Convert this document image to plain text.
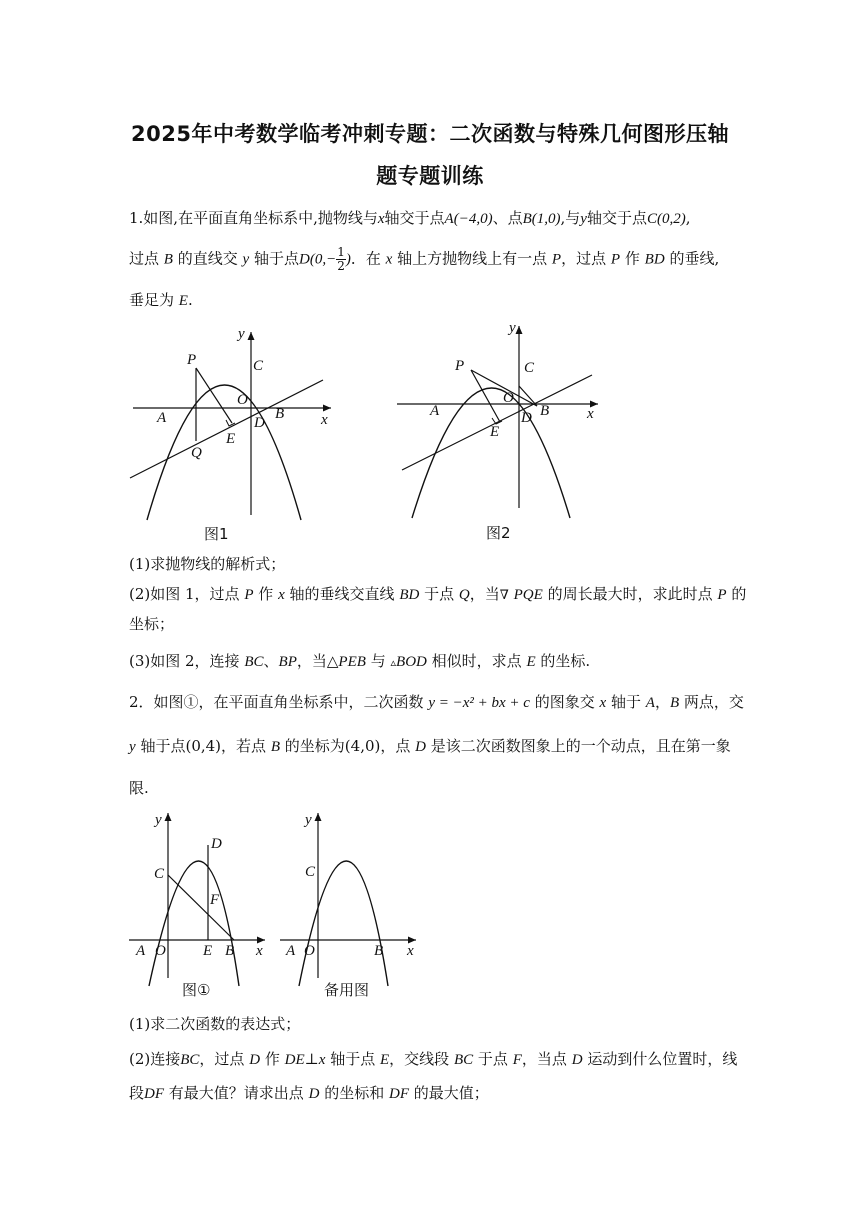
2025年中考数学临考冲刺专题：二次函数与特殊几何图形压轴
题专题训练
1.如图,在平面直角坐标系中,抛物线与x轴交于点A(−4,0)、点B(1,0),与y轴交于点C(0,2),
过点 B 的直线交 y 轴于点$D(0,- \frac{1}{2}$ )．在 x 轴上方抛物线上有一点 P，过点 P 作 BD 的垂线,
垂足为 E.
P	C
O
A	B
D
E
Q
x
y
图1
P	C
O
A	B
D
E
x
y
图2
(1)求抛物线的解析式；
(2)如图 1，过点 P 作 x 轴的垂线交直线 BD 于点 Q，当∇ PQE 的周长最大时，求此时点 P 的
坐标；
(3)如图 2，连接 BC、BP，当△PEB 与 ▵BOD 相似时，求点 E 的坐标.
2．如图①，在平面直角坐标系中，二次函数 y = −x² + bx + c 的图象交 x 轴于 A，B 两点，交
y 轴于点(0,4)，若点 B 的坐标为(4,0)，点 D 是该二次函数图象上的一个动点，且在第一象
限.
D
C
F
A O E B x
y
图①
C
A O	B x
y
备用图
(1)求二次函数的表达式；
(2)连接BC，过点 D 作 DE⊥x 轴于点 E，交线段 BC 于点 F，当点 D 运动到什么位置时，线
段DF 有最大值？请求出点 D 的坐标和 DF 的最大值；
